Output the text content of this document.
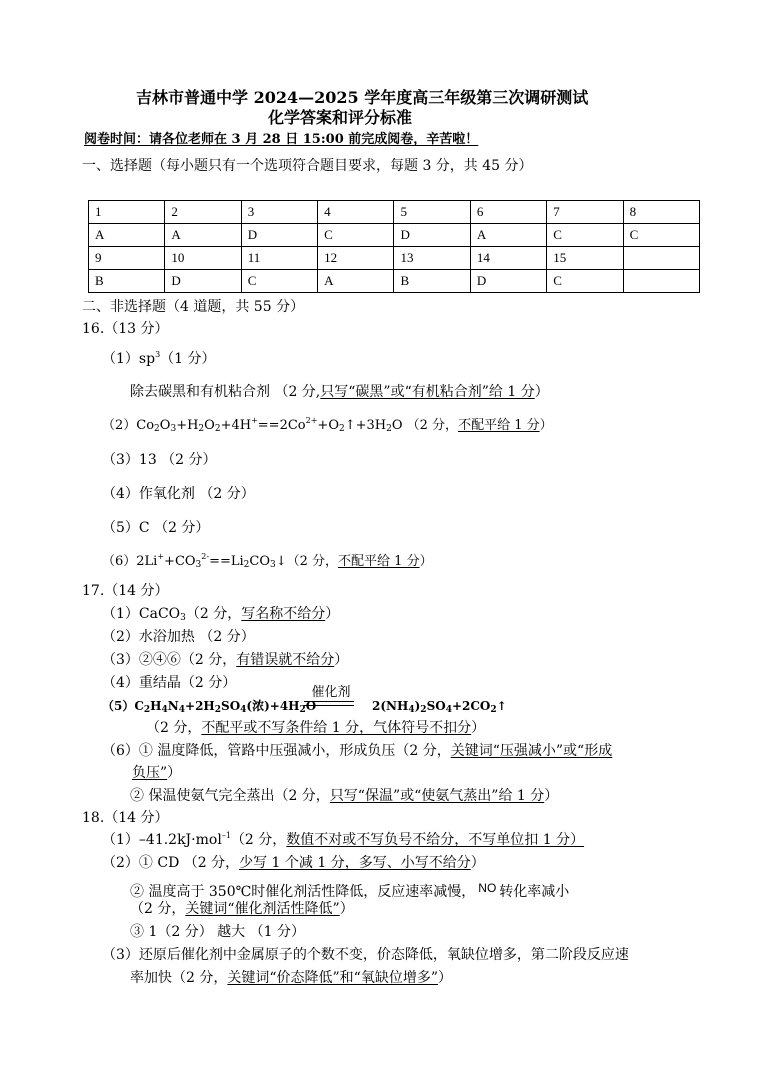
吉林市普通中学 2024—2025 学年度高三年级第三次调研测试
化学答案和评分标准
阅卷时间：请各位老师在 3 月 28 日 15:00 前完成阅卷，辛苦啦！
一、选择题（每小题只有一个选项符合题目要求，每题 3 分，共 45 分）
1	2	3	4	5	6	7	8
A	A	D	C	D	A	C	C
9	10	11	12	13	14	15	
B	D	C	A	B	D	C	
二、非选择题（4 道题，共 55 分）
16.（13 分）
$(1)sp^3(1$ 分）
除去碳黑和有机粘合剂 （2 分,只写“碳黑”或“有机粘合剂”给 1 分）
$(2)Co_2O_3+H_2O_2+4H^+==2Co^{2+}+O_2↑+3H_2O$ （2 分，不配平给 1 分）
（3）13 （2 分）
（4）作氧化剂 （2 分）
（5）C （2 分）
$(6)2Li^++CO_3^{2-}==Li_2CO_3↓(2$ 分，不配平给 1 分）
17.（14 分）
（1）CaCO$_3$（2 分，写名称不给分）
（2）水浴加热 （2 分）
（3）②④⑥（2 分，有错误就不给分）
（4）重结晶（2 分）
$(5)C_2H_4N_4+2H_2SO_4$(浓)$+4H_2O$
催化剂
$2(NH_4)_2SO_4+2CO_2↑$
（2 分，不配平或不写条件给 1 分，气体符号不扣分）
（6）① 温度降低，管路中压强减小，形成负压（2 分，关键词“压强减小”或“形成
负压”）
② 保温使氨气完全蒸出（2 分，只写“保温”或“使氨气蒸出”给 1 分）
18.（14 分）
（1）–41.2kJ·mol$^{-1}$（2 分，数值不对或不写负号不给分，不写单位扣 1 分）
（2）① CD （2 分，少写 1 个减 1 分，多写、小写不给分）
② 温度高于 350℃时催化剂活性降低，反应速率减慢， NO 转化率减小
（2 分，关键词“催化剂活性降低”）
③ 1（2 分） 越大 （1 分）
（3）还原后催化剂中金属原子的个数不变，价态降低，氧缺位增多，第二阶段反应速
率加快（2 分，关键词“价态降低”和“氧缺位增多”）
